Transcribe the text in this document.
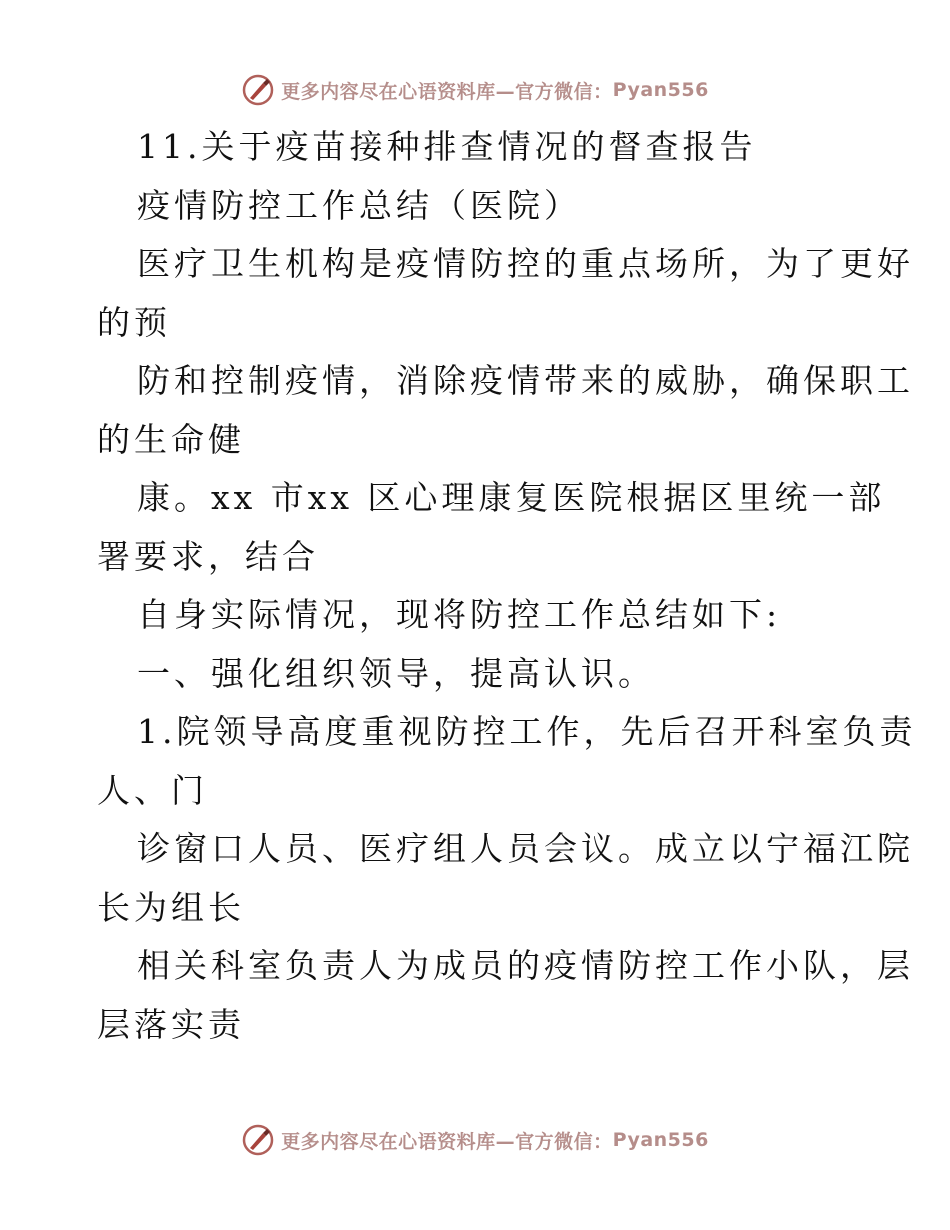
更多内容尽在心语资料库— 官方微信： Pyan556
11.关于疫苗接种排查情况的督查报告
疫情防控工作总结（医院）
医疗卫生机构是疫情防控的重点场所，为了更好
的预
防和控制疫情，消除疫情带来的威胁，确保职工
的生命健
康。xx 市xx 区心理康复医院根据区里统一部
署要求，结合
自身实际情况，现将防控工作总结如下:
一、强化组织领导，提高认识。
1.院领导高度重视防控工作，先后召开科室负责
人、门
诊窗口人员、医疗组人员会议。成立以宁福江院
长为组长
相关科室负责人为成员的疫情防控工作小队，层
层落实责
更多内容尽在心语资料库— 官方微信： Pyan556
